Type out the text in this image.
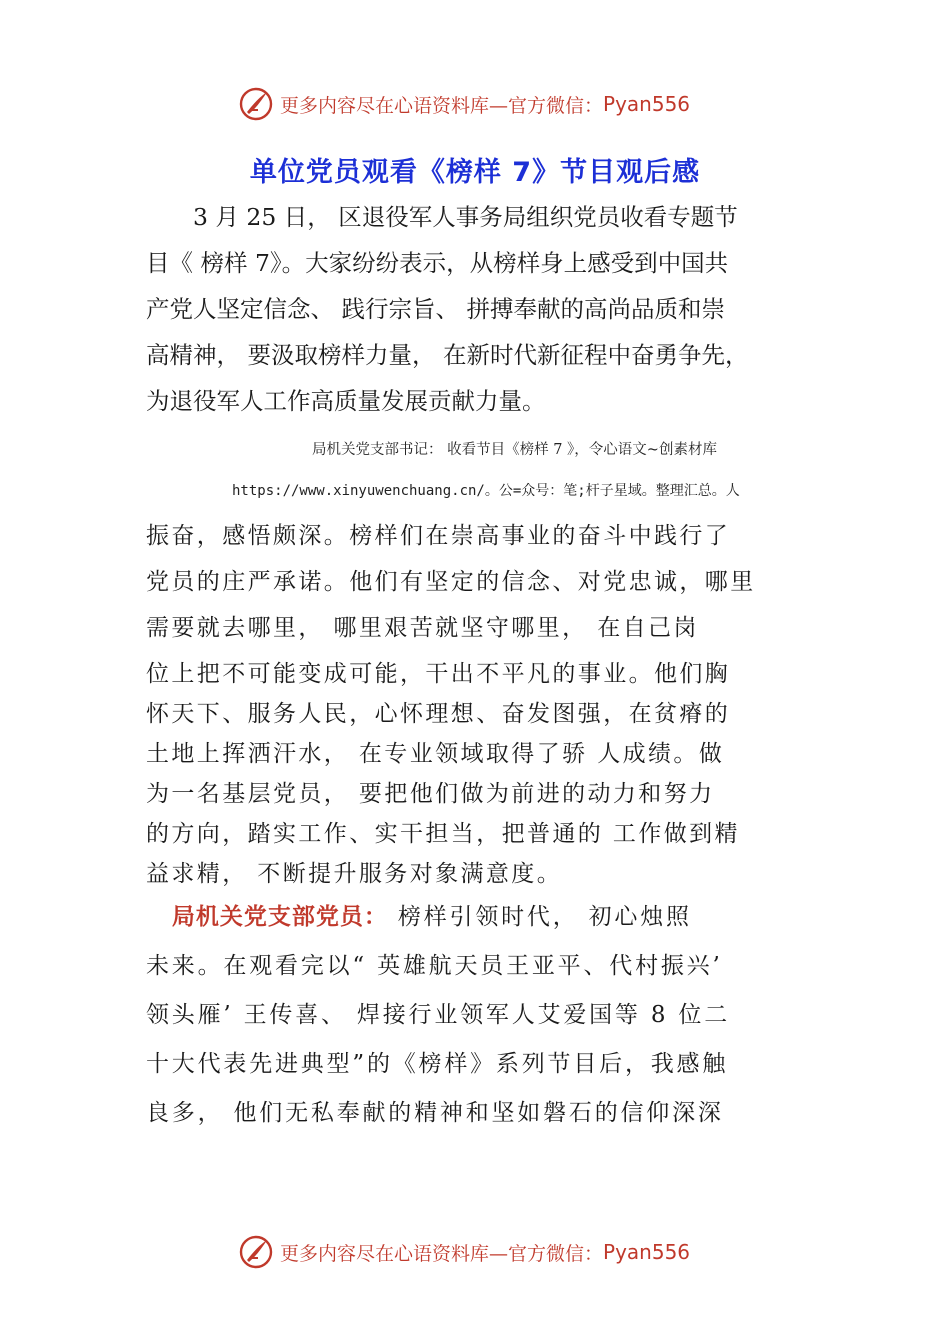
更多内容尽在心语资料库—官方微信： Pyan556
单位党员观看《榜样 7》节目观后感
　　3 月 25 日， 区退役军人事务局组织党员收看专题节
目《 榜样 7》。大家纷纷表示，从榜样身上感受到中国共
产党人坚定信念、 践行宗旨、 拼搏奉献的高尚品质和崇
高精神， 要汲取榜样力量， 在新时代新征程中奋勇争先，
为退役军人工作高质量发展贡献力量。
局机关党支部书记： 收看节目《榜样 7 》，令心语文~创素材库
https://www.xinyuwenchuang.cn/。公=众号：笔;杆子星域。整理汇总。人
振奋，感悟颇深。榜样们在崇高事业的奋斗中践行了
党员的庄严承诺。他们有坚定的信念、对党忠诚，哪里
需要就去哪里， 哪里艰苦就坚守哪里， 在自己岗
位上把不可能变成可能，干出不平凡的事业。他们胸
怀天下、服务人民，心怀理想、奋发图强，在贫瘠的
土地上挥洒汗水， 在专业领域取得了骄 人成绩。做
为一名基层党员， 要把他们做为前进的动力和努力
的方向，踏实工作、实干担当，把普通的 工作做到精
益求精， 不断提升服务对象满意度。
　局机关党支部党员： 榜样引领时代， 初心烛照
未来。在观看完以“ 英雄航天员王亚平、代村振兴’
领头雁’ 王传喜、 焊接行业领军人艾爱国等 8 位二
十大代表先进典型”的《榜样》系列节目后，我感触
良多， 他们无私奉献的精神和坚如磐石的信仰深深
更多内容尽在心语资料库—官方微信： Pyan556
